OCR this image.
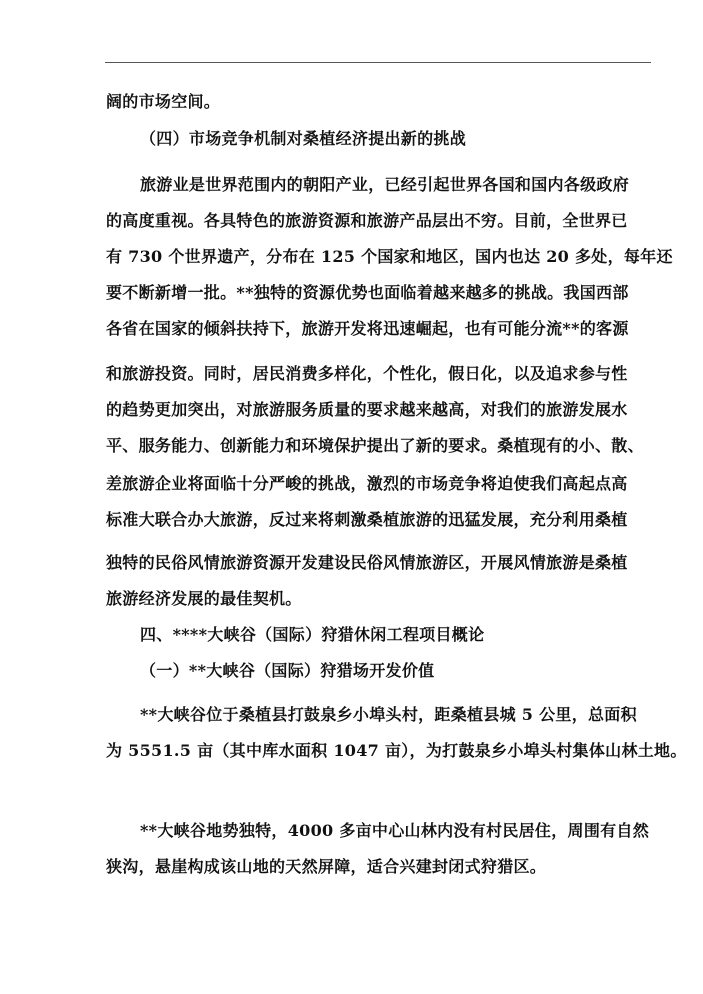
阔的市场空间。
（四）市场竞争机制对桑植经济提出新的挑战
旅游业是世界范围内的朝阳产业，已经引起世界各国和国内各级政府
的高度重视。各具特色的旅游资源和旅游产品层出不穷。目前，全世界已
有 730 个世界遗产，分布在 125 个国家和地区，国内也达 20 多处，每年还
要不断新增一批。**独特的资源优势也面临着越来越多的挑战。我国西部
各省在国家的倾斜扶持下，旅游开发将迅速崛起，也有可能分流**的客源
和旅游投资。同时，居民消费多样化，个性化，假日化，以及追求参与性
的趋势更加突出，对旅游服务质量的要求越来越高，对我们的旅游发展水
平、服务能力、创新能力和环境保护提出了新的要求。桑植现有的小、散、
差旅游企业将面临十分严峻的挑战，激烈的市场竞争将迫使我们高起点高
标准大联合办大旅游，反过来将刺激桑植旅游的迅猛发展，充分利用桑植
独特的民俗风情旅游资源开发建设民俗风情旅游区，开展风情旅游是桑植
旅游经济发展的最佳契机。
四、****大峡谷（国际）狩猎休闲工程项目概论
（一）**大峡谷（国际）狩猎场开发价值
**大峡谷位于桑植县打鼓泉乡小埠头村，距桑植县城 5 公里，总面积
为 5551.5 亩（其中库水面积 1047 亩），为打鼓泉乡小埠头村集体山林土地。
**大峡谷地势独特，4000 多亩中心山林内没有村民居住，周围有自然
狭沟，悬崖构成该山地的天然屏障，适合兴建封闭式狩猎区。
